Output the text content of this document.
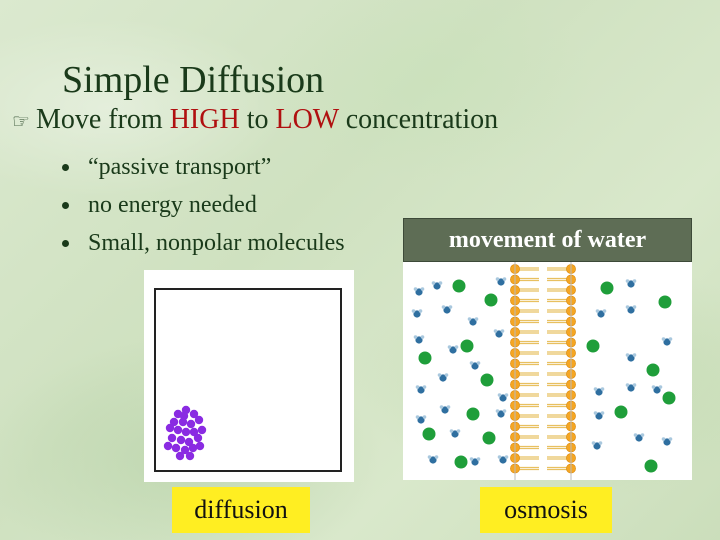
Simple Diffusion
☞ Move from HIGH to LOW concentration
“passive transport”
no energy needed
Small, nonpolar molecules	movement of water
diffusion	osmosis
